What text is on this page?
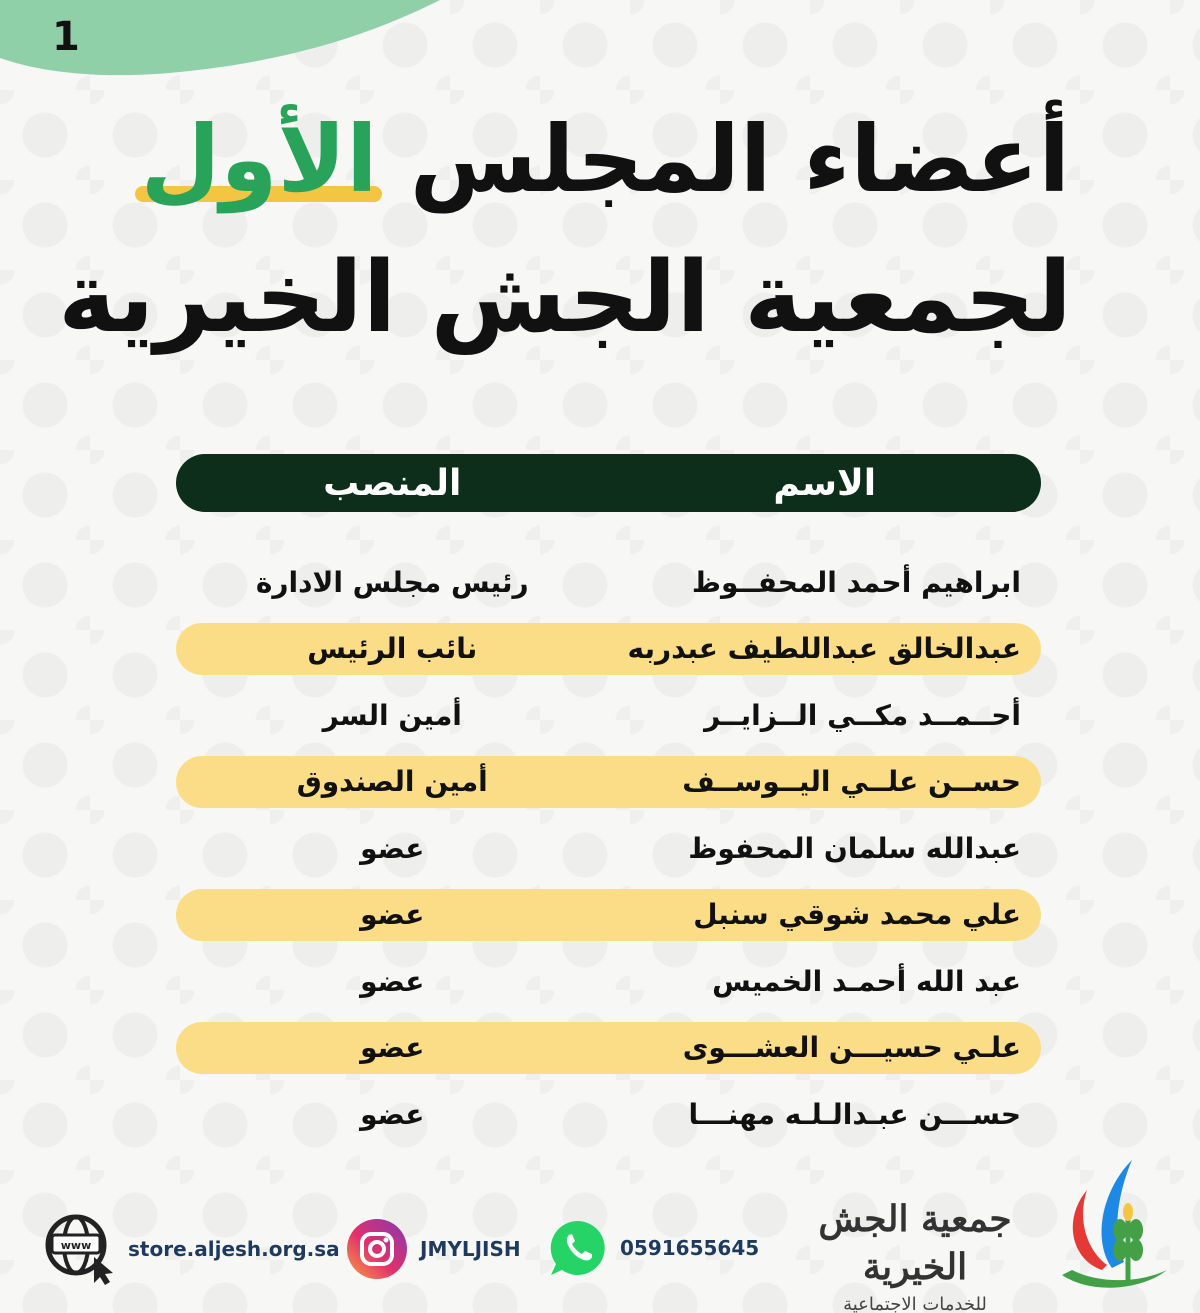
1
أعضاء المجلس الأول
لجمعية الجش الخيرية
الاسم
المنصب
ابراهيم أحمد المحفــوظ
رئيس مجلس الادارة
عبدالخالق عبداللطيف عبدربه
نائب الرئيس
أحــمــد مكــي الــزايــر
أمين السر
حســن علــي اليــوســف
أمين الصندوق
عبدالله سلمان المحفوظ
عضو
علي محمد شوقي سنبل
عضو
عبد الله أحمـد الخميس
عضو
علـي حسيـــن العشـــوى
عضو
حســـن عبـدالـلـه مهنـــا
عضو
www store.aljesh.org.sa	JMYLJISH	0591655645
جمعية الجش الخيرية
للخدمات الاجتماعية
